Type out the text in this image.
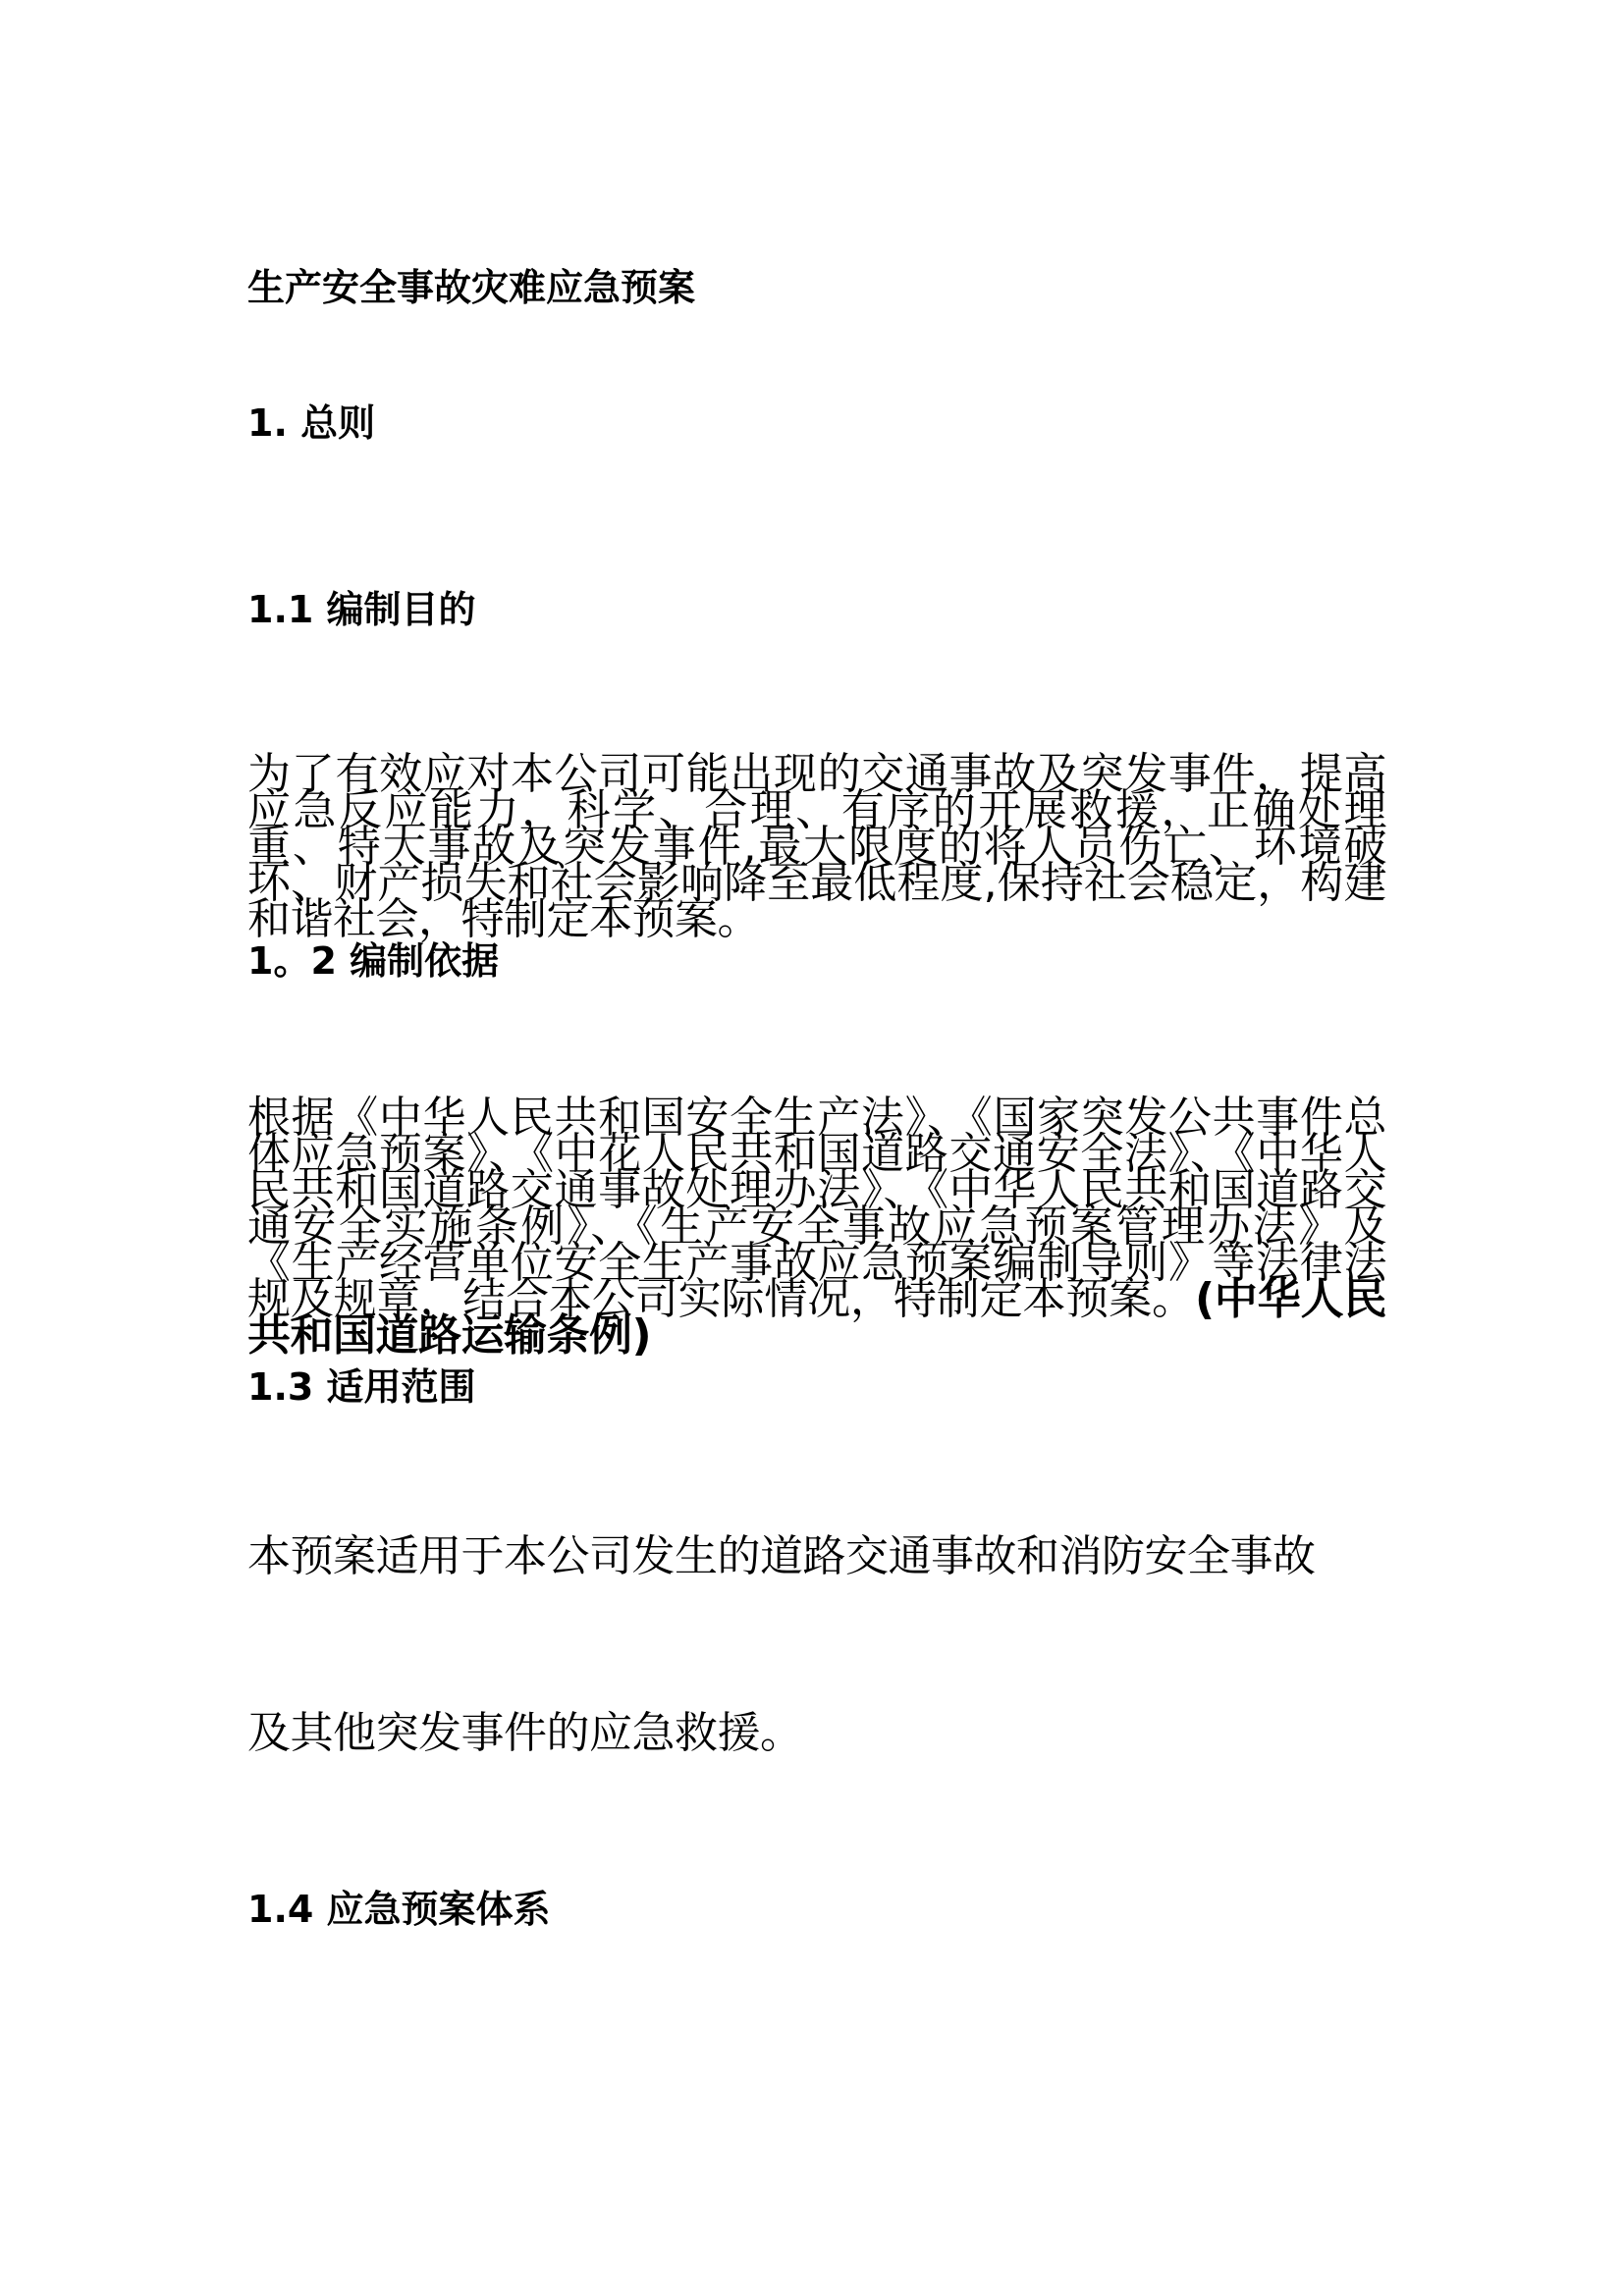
生产安全事故灾难应急预案
1. 总则
1.1 编制目的

为了有效应对本公司可能出现的交通事故及突发事件，提高应急反应能力，科学、合理、有序的开展救援，正确处理重、特大事故及突发事件,最大限度的将人员伤亡、环境破坏、财产损失和社会影响降至最低程度,保持社会稳定，构建和谐社会，特制定本预案。

1。2 编制依据

根据《中华人民共和国安全生产法》、《国家突发公共事件总体应急预案》、《中花人民共和国道路交通安全法》、《中华人民共和国道路交通事故处理办法》、《中华人民共和国道路交通安全实施条例》、《生产安全事故应急预案管理办法》及《生产经营单位安全生产事故应急预案编制导则》等法律法规及规章，结合本公司实际情况，特制定本预案。(中华人民共和国道路运输条例)

1.3 适用范围

本预案适用于本公司发生的道路交通事故和消防安全事故

及其他突发事件的应急救援。

1.4 应急预案体系
